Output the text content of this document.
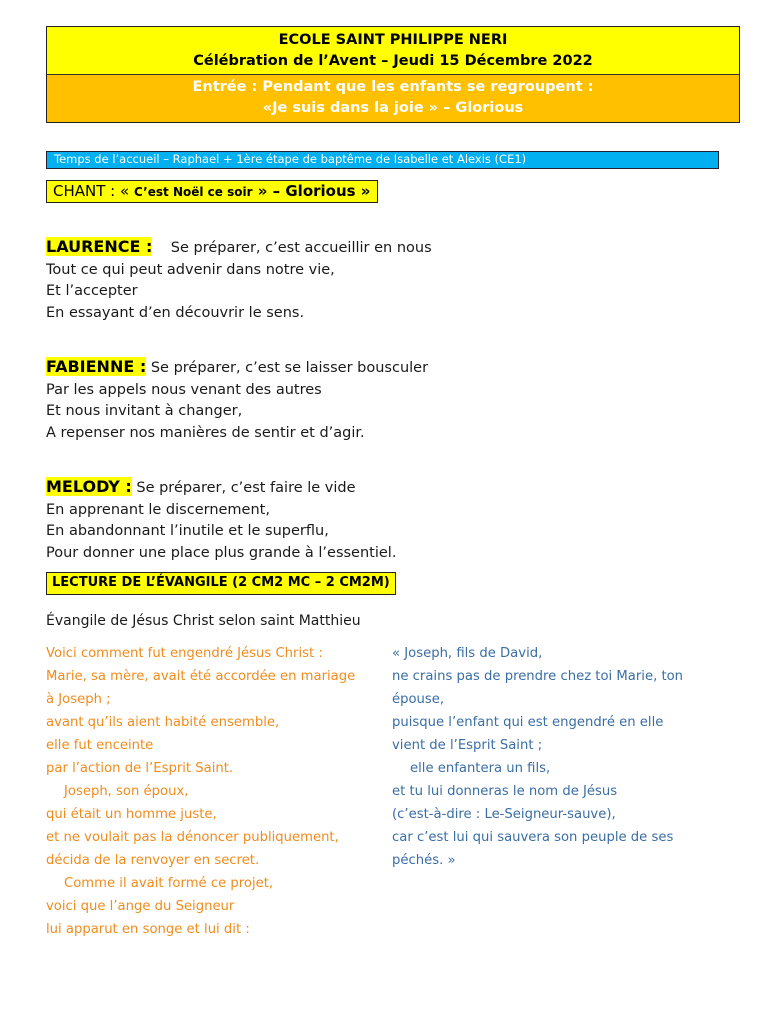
ECOLE SAINT PHILIPPE NERI
Célébration de l’Avent – Jeudi 15 Décembre 2022
Entrée : Pendant que les enfants se regroupent :
«Je suis dans la joie » – Glorious
Temps de l’accueil – Raphael + 1ère étape de baptême de Isabelle et Alexis (CE1)
CHANT : « C’est Noël ce soir » – Glorious »
LAURENCE :    Se préparer, c’est accueillir en nous
Tout ce qui peut advenir dans notre vie,
Et l’accepter
En essayant d’en découvrir le sens.
FABIENNE : Se préparer, c’est se laisser bousculer
Par les appels nous venant des autres
Et nous invitant à changer,
A repenser nos manières de sentir et d’agir.
MELODY : Se préparer, c’est faire le vide
En apprenant le discernement,
En abandonnant l’inutile et le superflu,
Pour donner une place plus grande à l’essentiel.
LECTURE DE L’ÉVANGILE (2 CM2 MC – 2 CM2M)
Évangile de Jésus Christ selon saint Matthieu
Voici comment fut engendré Jésus Christ :
Marie, sa mère, avait été accordée en mariage
à Joseph ;
avant qu’ils aient habité ensemble,
elle fut enceinte
par l’action de l’Esprit Saint.
Joseph, son époux,
qui était un homme juste,
et ne voulait pas la dénoncer publiquement,
décida de la renvoyer en secret.
Comme il avait formé ce projet,
voici que l’ange du Seigneur
lui apparut en songe et lui dit :
« Joseph, fils de David,
ne crains pas de prendre chez toi Marie, ton
épouse,
puisque l’enfant qui est engendré en elle
vient de l’Esprit Saint ;
elle enfantera un fils,
et tu lui donneras le nom de Jésus
(c’est-à-dire : Le-Seigneur-sauve),
car c’est lui qui sauvera son peuple de ses
péchés. »
